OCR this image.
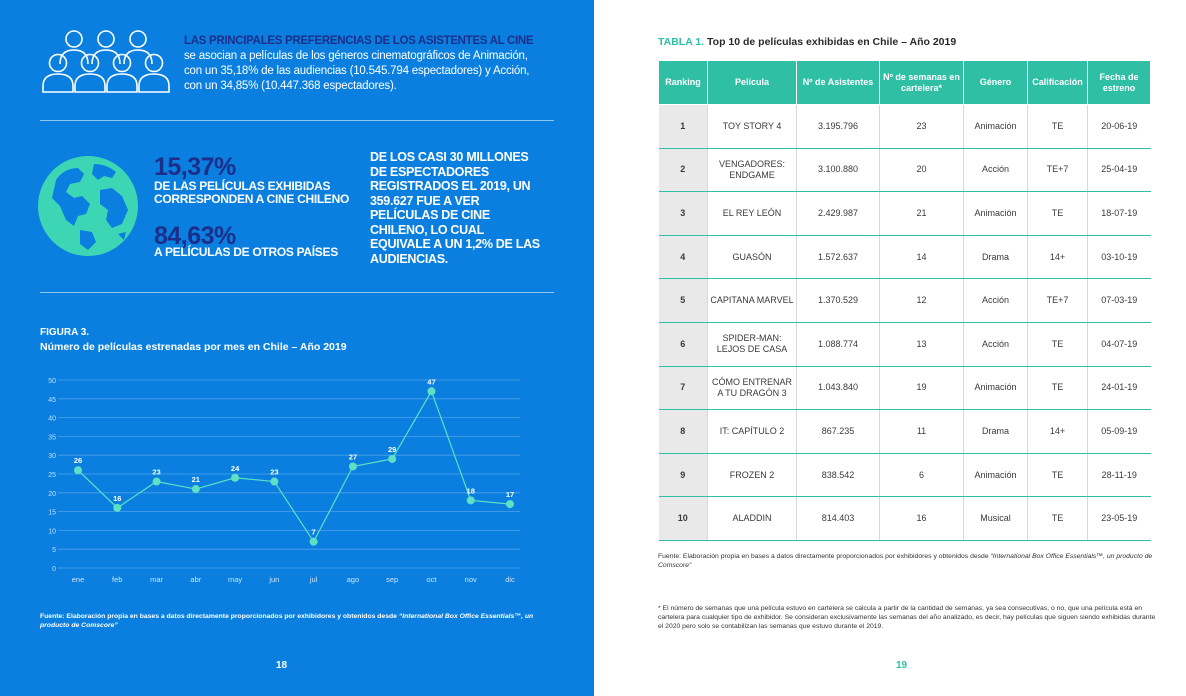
LAS PRINCIPALES PREFERENCIAS DE LOS ASISTENTES AL CINE
se asocian a películas de los géneros cinematográficos de Animación, con un 35,18% de las audiencias (10.545.794 espectadores) y Acción, con un 34,85% (10.447.368 espectadores).
15,37%
DE LAS PELÍCULAS EXHIBIDAS
CORRESPONDEN A CINE CHILENO
84,63%
A PELÍCULAS DE OTROS PAÍSES
DE LOS CASI 30 MILLONES DE ESPECTADORES REGISTRADOS EL 2019, UN 359.627 FUE A VER PELÍCULAS DE CINE CHILENO, LO CUAL EQUIVALE A UN 1,2% DE LAS AUDIENCIAS.
FIGURA 3.
Número de películas estrenadas por mes en Chile – Año 2019
0
5
10
15
20
25
30
35
40
45
50
ene	feb	mar	abr	may	jun	jul	ago	sep	oct	nov	dic
26
16
23
21
24	23
7
27
29
47
18	17
Fuente: Elaboración propia en bases a datos directamente proporcionados por exhibidores y obtenidos desde “International Box Office Essentials™, un producto de Comscore”
18
TABLA 1. Top 10 de películas exhibidas en Chile – Año 2019
Ranking	Película	Nº de Asistentes	Nº de semanas en cartelera*	Género	Calificación	Fecha de estreno
1	TOY STORY 4	3.195.796	23	Animación	TE	20-06-19
2	VENGADORES: ENDGAME	3.100.880	20	Acción	TE+7	25-04-19
3	EL REY LEÓN	2.429.987	21	Animación	TE	18-07-19
4	GUASÓN	1.572.637	14	Drama	14+	03-10-19
5	CAPITANA MARVEL	1.370.529	12	Acción	TE+7	07-03-19
6	SPIDER-MAN: LEJOS DE CASA	1.088.774	13	Acción	TE	04-07-19
7	CÓMO ENTRENAR A TU DRAGÓN 3	1.043.840	19	Animación	TE	24-01-19
8	IT: CAPÍTULO 2	867.235	11	Drama	14+	05-09-19
9	FROZEN 2	838.542	6	Animación	TE	28-11-19
10	ALADDIN	814.403	16	Musical	TE	23-05-19
Fuente: Elaboración propia en bases a datos directamente proporcionados por exhibidores y obtenidos desde “International Box Office Essentials™, un producto de Comscore”
* El número de semanas que una película estuvo en cartelera se calcula a partir de la cantidad de semanas, ya sea consecutivas, o no, que una película está en cartelera para cualquier tipo de exhibidor. Se consideran exclusivamente las semanas del año analizado, es decir, hay películas que siguen siendo exhibidas durante el 2020 pero solo se contabilizan las semanas que estuvo durante el 2019.
19
